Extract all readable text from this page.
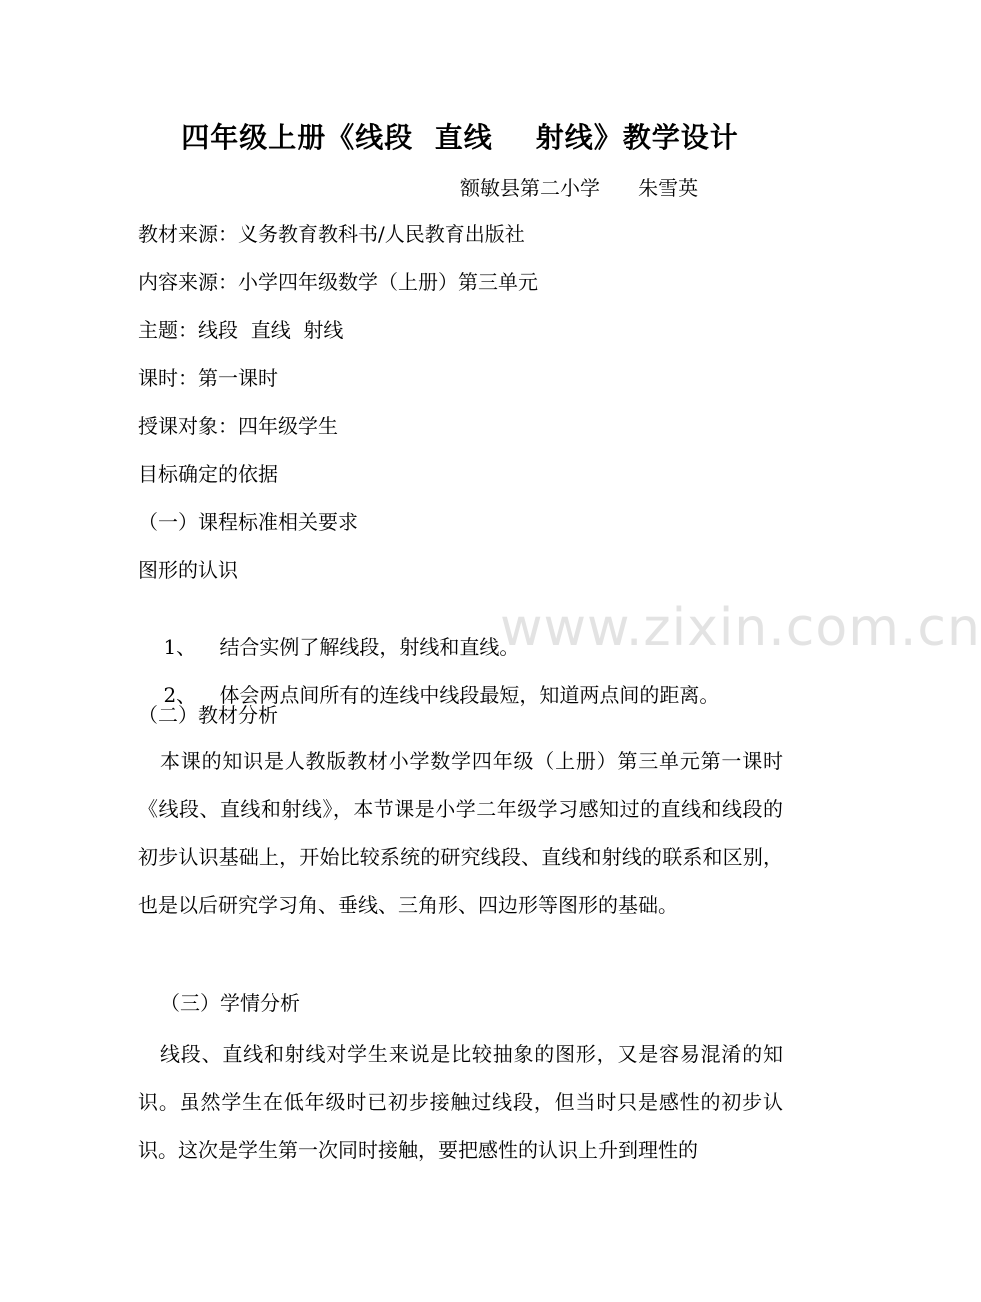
四年级上册《线段  直线    射线》教学设计
额敏县第二小学      朱雪英
教材来源：义务教育教科书/人民教育出版社
内容来源：小学四年级数学（上册）第三单元
主题：线段  直线  射线
课时：第一课时
授课对象：四年级学生
目标确定的依据
（一）课程标准相关要求
图形的认识

1、 结合实例了解线段，射线和直线。

2、 体会两点间所有的连线中线段最短，知道两点间的距离。

（二）教材分析
本课的知识是人教版教材小学数学四年级（上册）第三单元第一课时《线段、直线和射线》，本节课是小学二年级学习感知过的直线和线段的初步认识基础上，开始比较系统的研究线段、直线和射线的联系和区别，也是以后研究学习角、垂线、三角形、四边形等图形的基础。
（三）学情分析
线段、直线和射线对学生来说是比较抽象的图形，又是容易混淆的知识。虽然学生在低年级时已初步接触过线段，但当时只是感性的初步认识。这次是学生第一次同时接触，要把感性的认识上升到理性的
www.zixin.com.cn
